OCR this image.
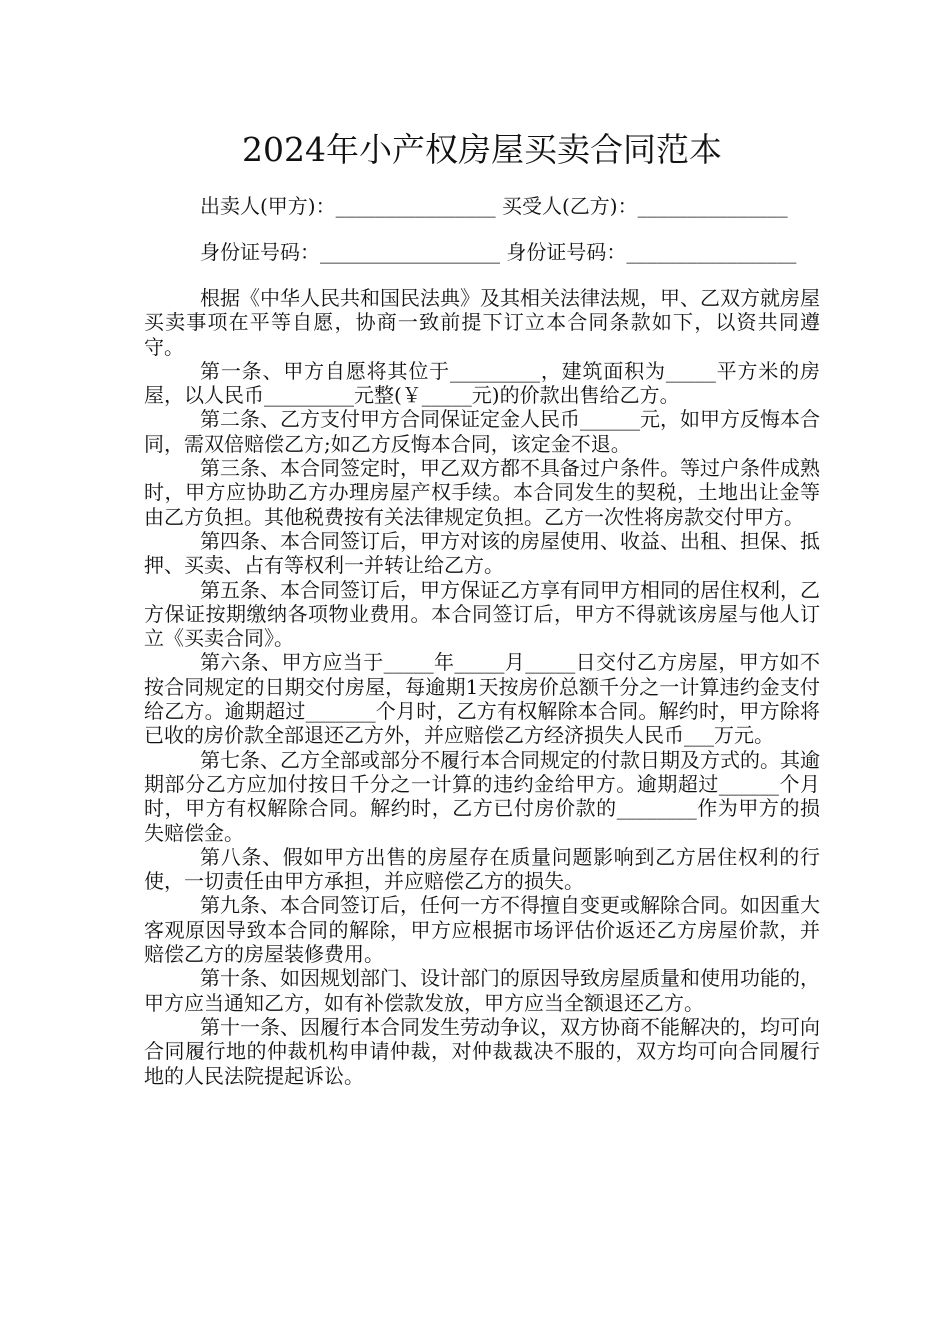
2024年小产权房屋买卖合同范本

出卖人(甲方)：________________ 买受人(乙方)：_______________

身份证号码：__________________ 身份证号码：_________________

根据《中华人民共和国民法典》及其相关法律法规，甲、乙双方就房屋买卖事项在平等自愿，协商一致前提下订立本合同条款如下，以资共同遵守。

第一条、甲方自愿将其位于_________，建筑面积为_____平方米的房屋，以人民币_________元整(￥_____元)的价款出售给乙方。

第二条、乙方支付甲方合同保证定金人民币______元，如甲方反悔本合同，需双倍赔偿乙方;如乙方反悔本合同，该定金不退。

第三条、本合同签定时，甲乙双方都不具备过户条件。等过户条件成熟时，甲方应协助乙方办理房屋产权手续。本合同发生的契税，土地出让金等由乙方负担。其他税费按有关法律规定负担。乙方一次性将房款交付甲方。

第四条、本合同签订后，甲方对该的房屋使用、收益、出租、担保、抵押、买卖、占有等权利一并转让给乙方。

第五条、本合同签订后，甲方保证乙方享有同甲方相同的居住权利，乙方保证按期缴纳各项物业费用。本合同签订后，甲方不得就该房屋与他人订立《买卖合同》。

第六条、甲方应当于_____年_____月_____日交付乙方房屋，甲方如不按合同规定的日期交付房屋，每逾期1天按房价总额千分之一计算违约金支付给乙方。逾期超过_______个月时，乙方有权解除本合同。解约时，甲方除将已收的房价款全部退还乙方外，并应赔偿乙方经济损失人民币___万元。

第七条、乙方全部或部分不履行本合同规定的付款日期及方式的。其逾期部分乙方应加付按日千分之一计算的违约金给甲方。逾期超过______个月时，甲方有权解除合同。解约时，乙方已付房价款的________作为甲方的损失赔偿金。

第八条、假如甲方出售的房屋存在质量问题影响到乙方居住权利的行使，一切责任由甲方承担，并应赔偿乙方的损失。

第九条、本合同签订后，任何一方不得擅自变更或解除合同。如因重大客观原因导致本合同的解除，甲方应根据市场评估价返还乙方房屋价款，并赔偿乙方的房屋装修费用。

第十条、如因规划部门、设计部门的原因导致房屋质量和使用功能的，甲方应当通知乙方，如有补偿款发放，甲方应当全额退还乙方。

第十一条、因履行本合同发生劳动争议，双方协商不能解决的，均可向合同履行地的仲裁机构申请仲裁，对仲裁裁决不服的，双方均可向合同履行地的人民法院提起诉讼。
